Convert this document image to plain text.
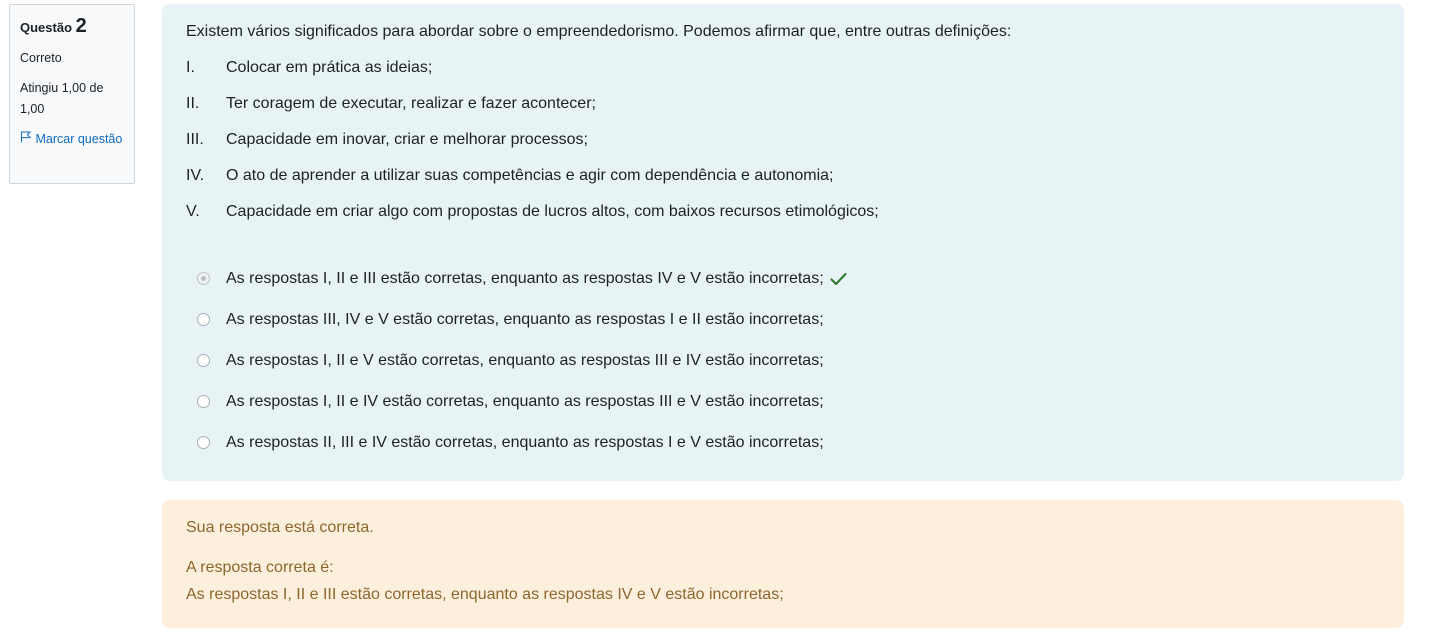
Questão 2
Correto
Atingiu 1,00 de 1,00
Marcar questão
Existem vários significados para abordar sobre o empreendedorismo. Podemos afirmar que, entre outras definições:
I.	Colocar em prática as ideias;
II.	Ter coragem de executar, realizar e fazer acontecer;
III.	Capacidade em inovar, criar e melhorar processos;
IV.	O ato de aprender a utilizar suas competências e agir com dependência e autonomia;
V.	Capacidade em criar algo com propostas de lucros altos, com baixos recursos etimológicos;
As respostas I, II e III estão corretas, enquanto as respostas IV e V estão incorretas;
As respostas III, IV e V estão corretas, enquanto as respostas I e II estão incorretas;
As respostas I, II e V estão corretas, enquanto as respostas III e IV estão incorretas;
As respostas I, II e IV estão corretas, enquanto as respostas III e V estão incorretas;
As respostas II, III e IV estão corretas, enquanto as respostas I e V estão incorretas;
Sua resposta está correta.
A resposta correta é:
As respostas I, II e III estão corretas, enquanto as respostas IV e V estão incorretas;
